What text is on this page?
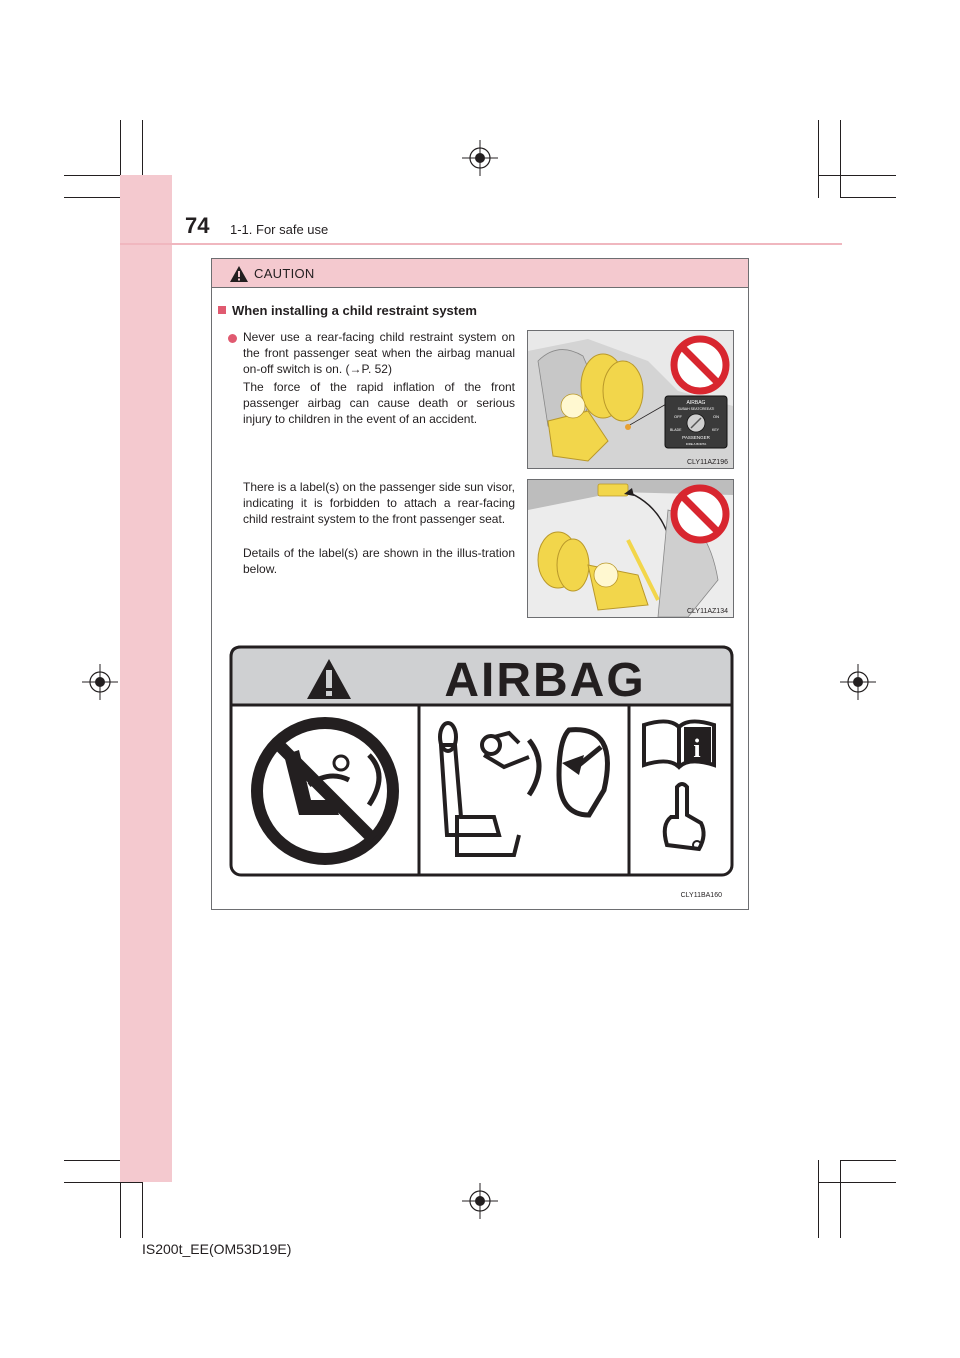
74 1-1. For safe use
CAUTION
When installing a child restraint system
Never use a rear-facing child restraint system on the front passenger seat when the airbag manual on-off switch is on. (→P. 52)
The force of the rapid inflation of the front passenger airbag can cause death or serious injury to children in the event of an accident.
There is a label(s) on the passenger side sun visor, indicating it is forbidden to attach a rear-facing child restraint system to the front passenger seat.
Details of the label(s) are shown in the illus-tration below.
AIRBAG
SUBAH SEATCREEATI
OFF	ON
BLADE	KEY
PASSENGER
DIRE A BORTA
CLY11AZ196
CLY11AZ134
AIRBAG
i
CLY11BA160
IS200t_EE(OM53D19E)
